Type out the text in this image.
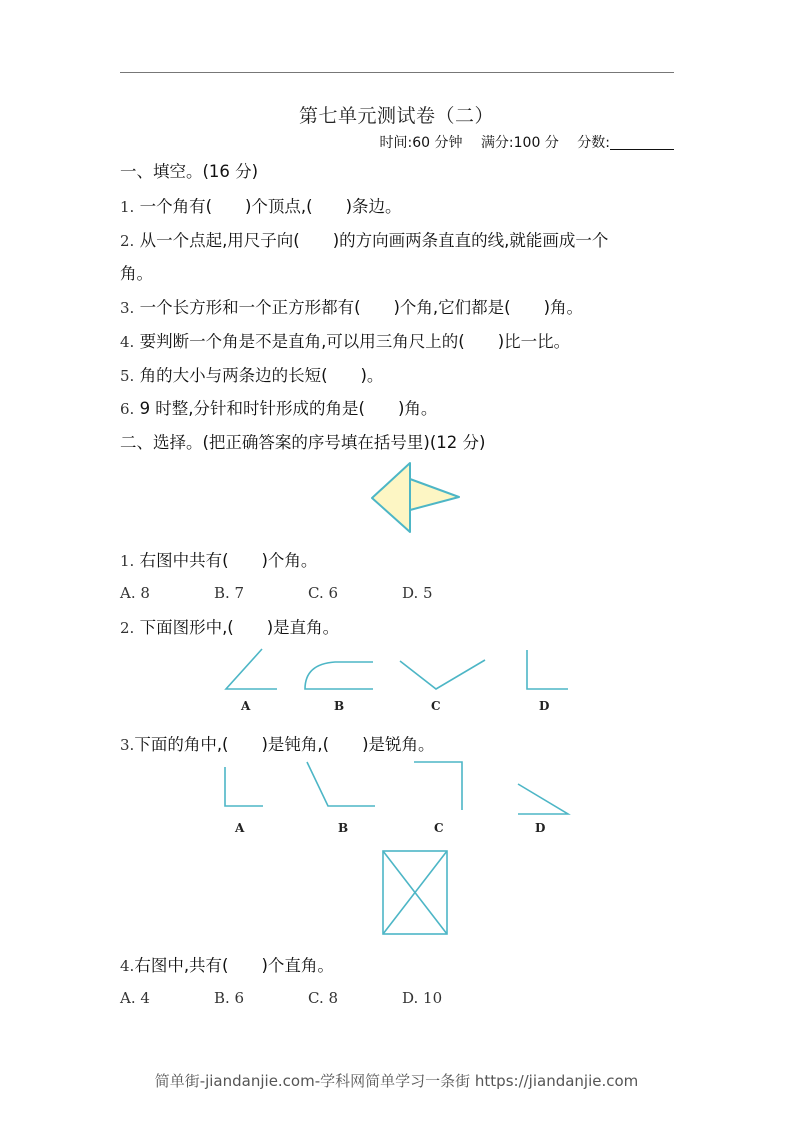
第七单元测试卷（二）
时间:60 分钟 满分:100 分 分数:
一、填空。(16 分)
1. 一个角有(　　)个顶点,(　　)条边。
2. 从一个点起,用尺子向(　　)的方向画两条直直的线,就能画成一个
角。
3. 一个长方形和一个正方形都有(　　)个角,它们都是(　　)角。
4. 要判断一个角是不是直角,可以用三角尺上的(　　)比一比。
5. 角的大小与两条边的长短(　　)。
6. 9 时整,分针和时针形成的角是(　　)角。
二、选择。(把正确答案的序号填在括号里)(12 分)
1. 右图中共有(　　)个角。
A. 8	B. 7	C. 6	D. 5
2. 下面图形中,(　　)是直角。
A	B	C	D
3.下面的角中,(　　)是钝角,(　　)是锐角。
A	B	C	D
4.右图中,共有(　　)个直角。
A. 4	B. 6	C. 8	D. 10
简单街-jiandanjie.com-学科网简单学习一条街 https://jiandanjie.com
